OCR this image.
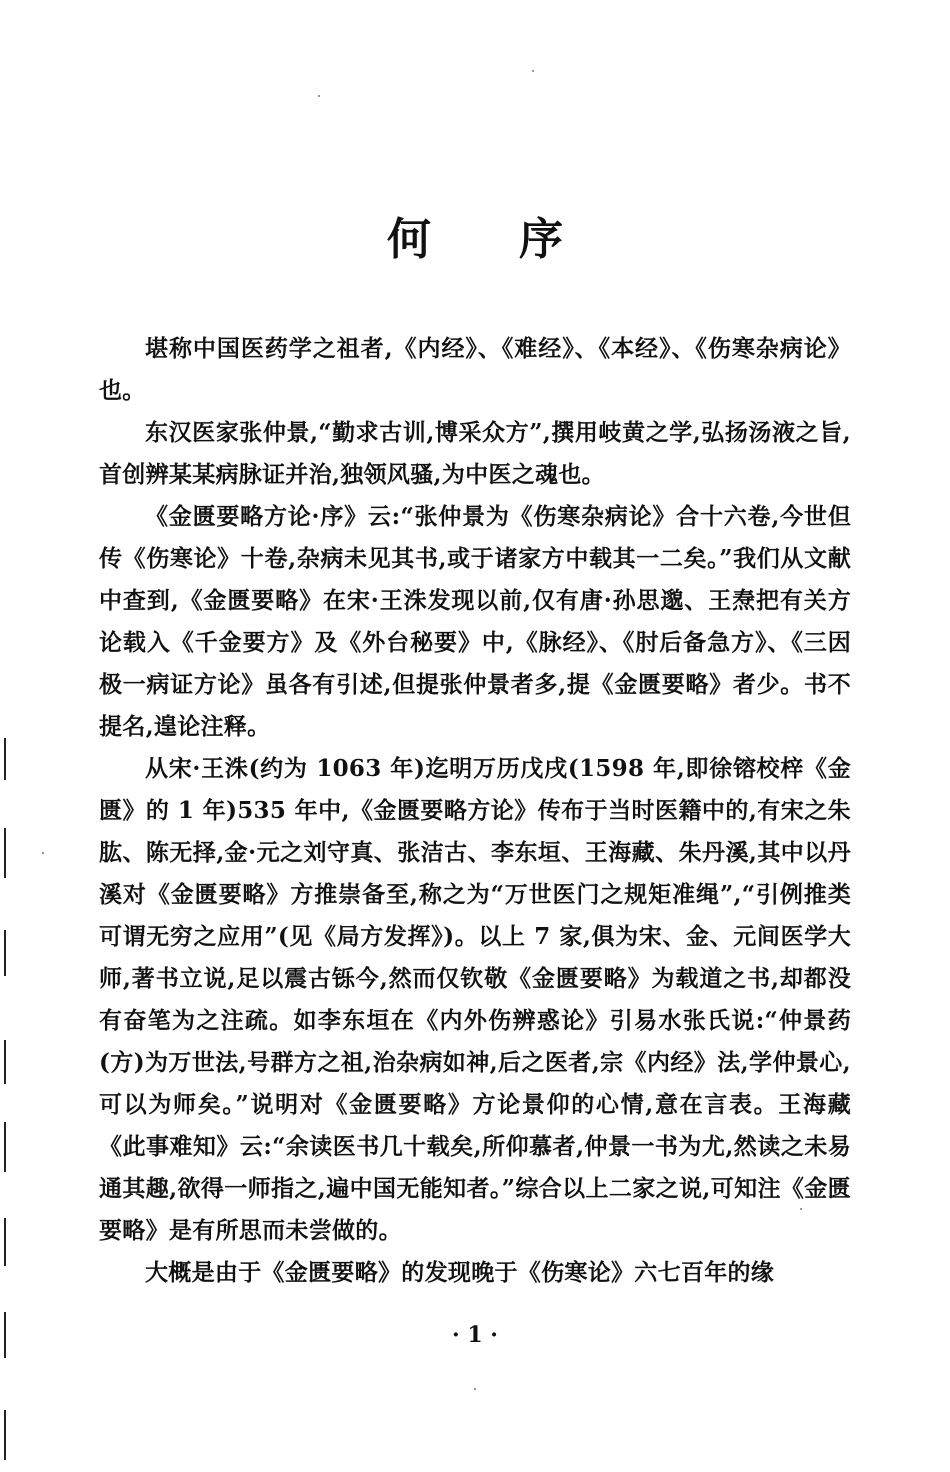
何序

堪称中国医药学之祖者,《内经》、《难经》、《本经》、《伤寒杂病论》也。

东汉医家张仲景,“勤求古训,博采众方”,撰用岐黄之学,弘扬汤液之旨,首创辨某某病脉证并治,独领风骚,为中医之魂也。

《金匮要略方论·序》云:“张仲景为《伤寒杂病论》合十六卷,今世但传《伤寒论》十卷,杂病未见其书,或于诸家方中载其一二矣。”我们从文献中查到,《金匮要略》在宋·王洙发现以前,仅有唐·孙思邈、王焘把有关方论载入《千金要方》及《外台秘要》中,《脉经》、《肘后备急方》、《三因极一病证方论》虽各有引述,但提张仲景者多,提《金匮要略》者少。书不提名,遑论注释。

从宋·王洙(约为 1063 年)迄明万历戊戌(1598 年,即徐镕校梓《金匮》的 1 年)535 年中,《金匮要略方论》传布于当时医籍中的,有宋之朱肱、陈无择,金·元之刘守真、张洁古、李东垣、王海藏、朱丹溪,其中以丹溪对《金匮要略》方推崇备至,称之为“万世医门之规矩准绳”,“引例推类可谓无穷之应用”(见《局方发挥》)。以上 7 家,俱为宋、金、元间医学大师,著书立说,足以震古铄今,然而仅钦敬《金匮要略》为载道之书,却都没有奋笔为之注疏。如李东垣在《内外伤辨惑论》引易水张氏说:“仲景药(方)为万世法,号群方之祖,治杂病如神,后之医者,宗《内经》法,学仲景心,可以为师矣。”说明对《金匮要略》方论景仰的心情,意在言表。王海藏《此事难知》云:“余读医书几十载矣,所仰慕者,仲景一书为尤,然读之未易通其趣,欲得一师指之,遍中国无能知者。”综合以上二家之说,可知注《金匮要略》是有所思而未尝做的。

大概是由于《金匮要略》的发现晚于《伤寒论》六七百年的缘

· 1 ·
